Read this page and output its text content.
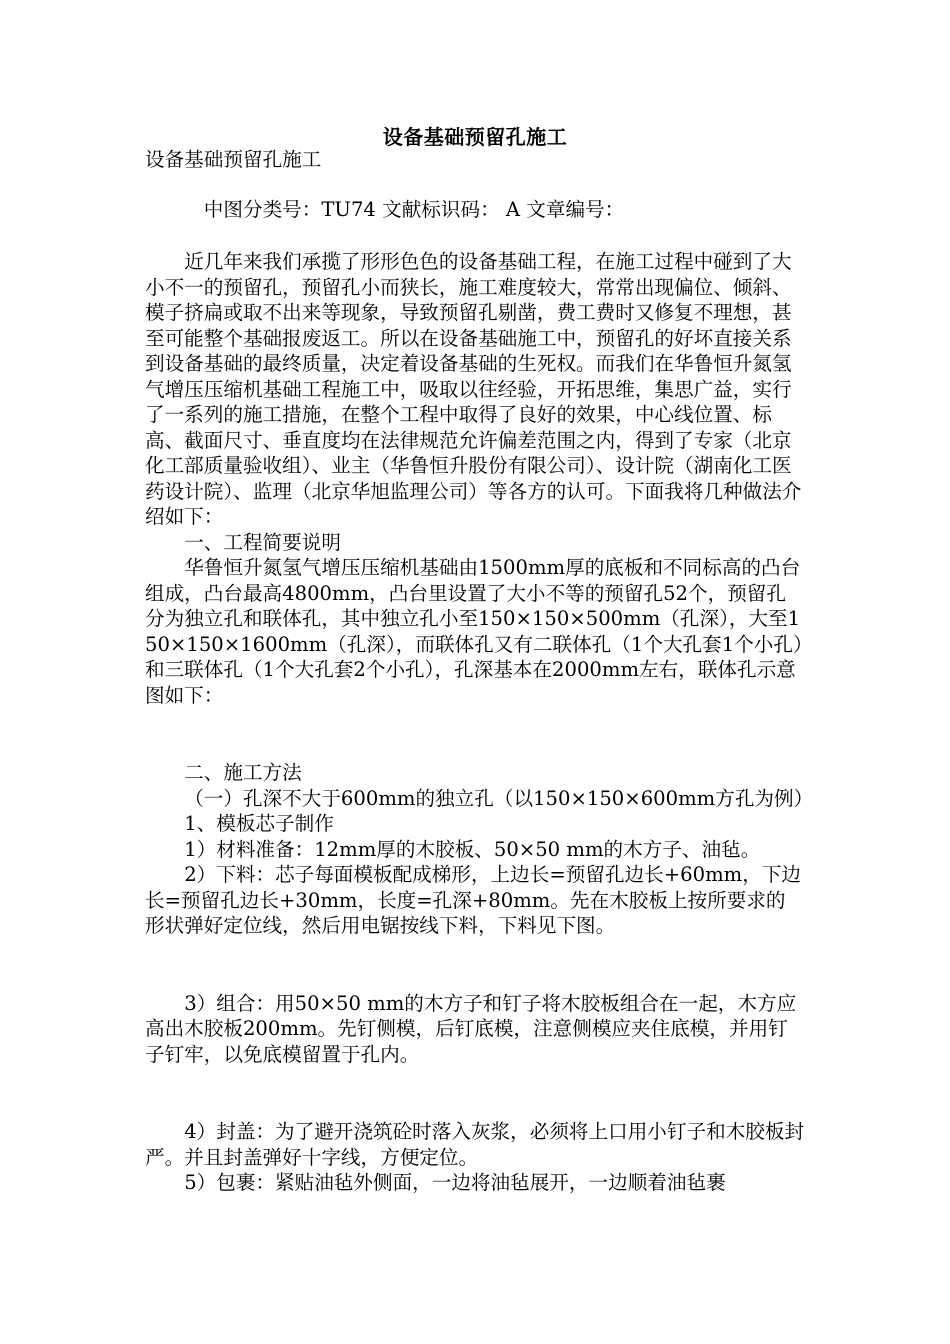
设备基础预留孔施工

设备基础预留孔施工

中图分类号：TU74 文献标识码： A 文章编号：

近几年来我们承揽了形形色色的设备基础工程，在施工过程中碰到了大小不一的预留孔，预留孔小而狭长，施工难度较大，常常出现偏位、倾斜、模子挤扁或取不出来等现象，导致预留孔剔凿，费工费时又修复不理想，甚至可能整个基础报废返工。所以在设备基础施工中，预留孔的好坏直接关系到设备基础的最终质量，决定着设备基础的生死权。而我们在华鲁恒升氮氢气增压压缩机基础工程施工中，吸取以往经验，开拓思维，集思广益，实行了一系列的施工措施，在整个工程中取得了良好的效果，中心线位置、标高、截面尺寸、垂直度均在法律规范允许偏差范围之内，得到了专家（北京化工部质量验收组）、业主（华鲁恒升股份有限公司）、设计院（湖南化工医药设计院）、监理（北京华旭监理公司）等各方的认可。下面我将几种做法介绍如下：

一、工程简要说明

华鲁恒升氮氢气增压压缩机基础由1500mm厚的底板和不同标高的凸台组成，凸台最高4800mm，凸台里设置了大小不等的预留孔52个，预留孔分为独立孔和联体孔，其中独立孔小至150×150×500mm（孔深），大至150×150×1600mm（孔深），而联体孔又有二联体孔（1个大孔套1个小孔）和三联体孔（1个大孔套2个小孔），孔深基本在2000mm左右，联体孔示意图如下：

二、施工方法

（一）孔深不大于600mm的独立孔（以150×150×600mm方孔为例）

1、模板芯子制作

1）材料准备：12mm厚的木胶板、50×50 mm的木方子、油毡。

2）下料：芯子每面模板配成梯形，上边长=预留孔边长+60mm，下边长=预留孔边长+30mm，长度=孔深+80mm。先在木胶板上按所要求的形状弹好定位线，然后用电锯按线下料，下料见下图。

3）组合：用50×50 mm的木方子和钉子将木胶板组合在一起，木方应高出木胶板200mm。先钉侧模，后钉底模，注意侧模应夹住底模，并用钉子钉牢，以免底模留置于孔内。

4）封盖：为了避开浇筑砼时落入灰浆，必须将上口用小钉子和木胶板封严。并且封盖弹好十字线，方便定位。

5）包裹：紧贴油毡外侧面，一边将油毡展开，一边顺着油毡裹
